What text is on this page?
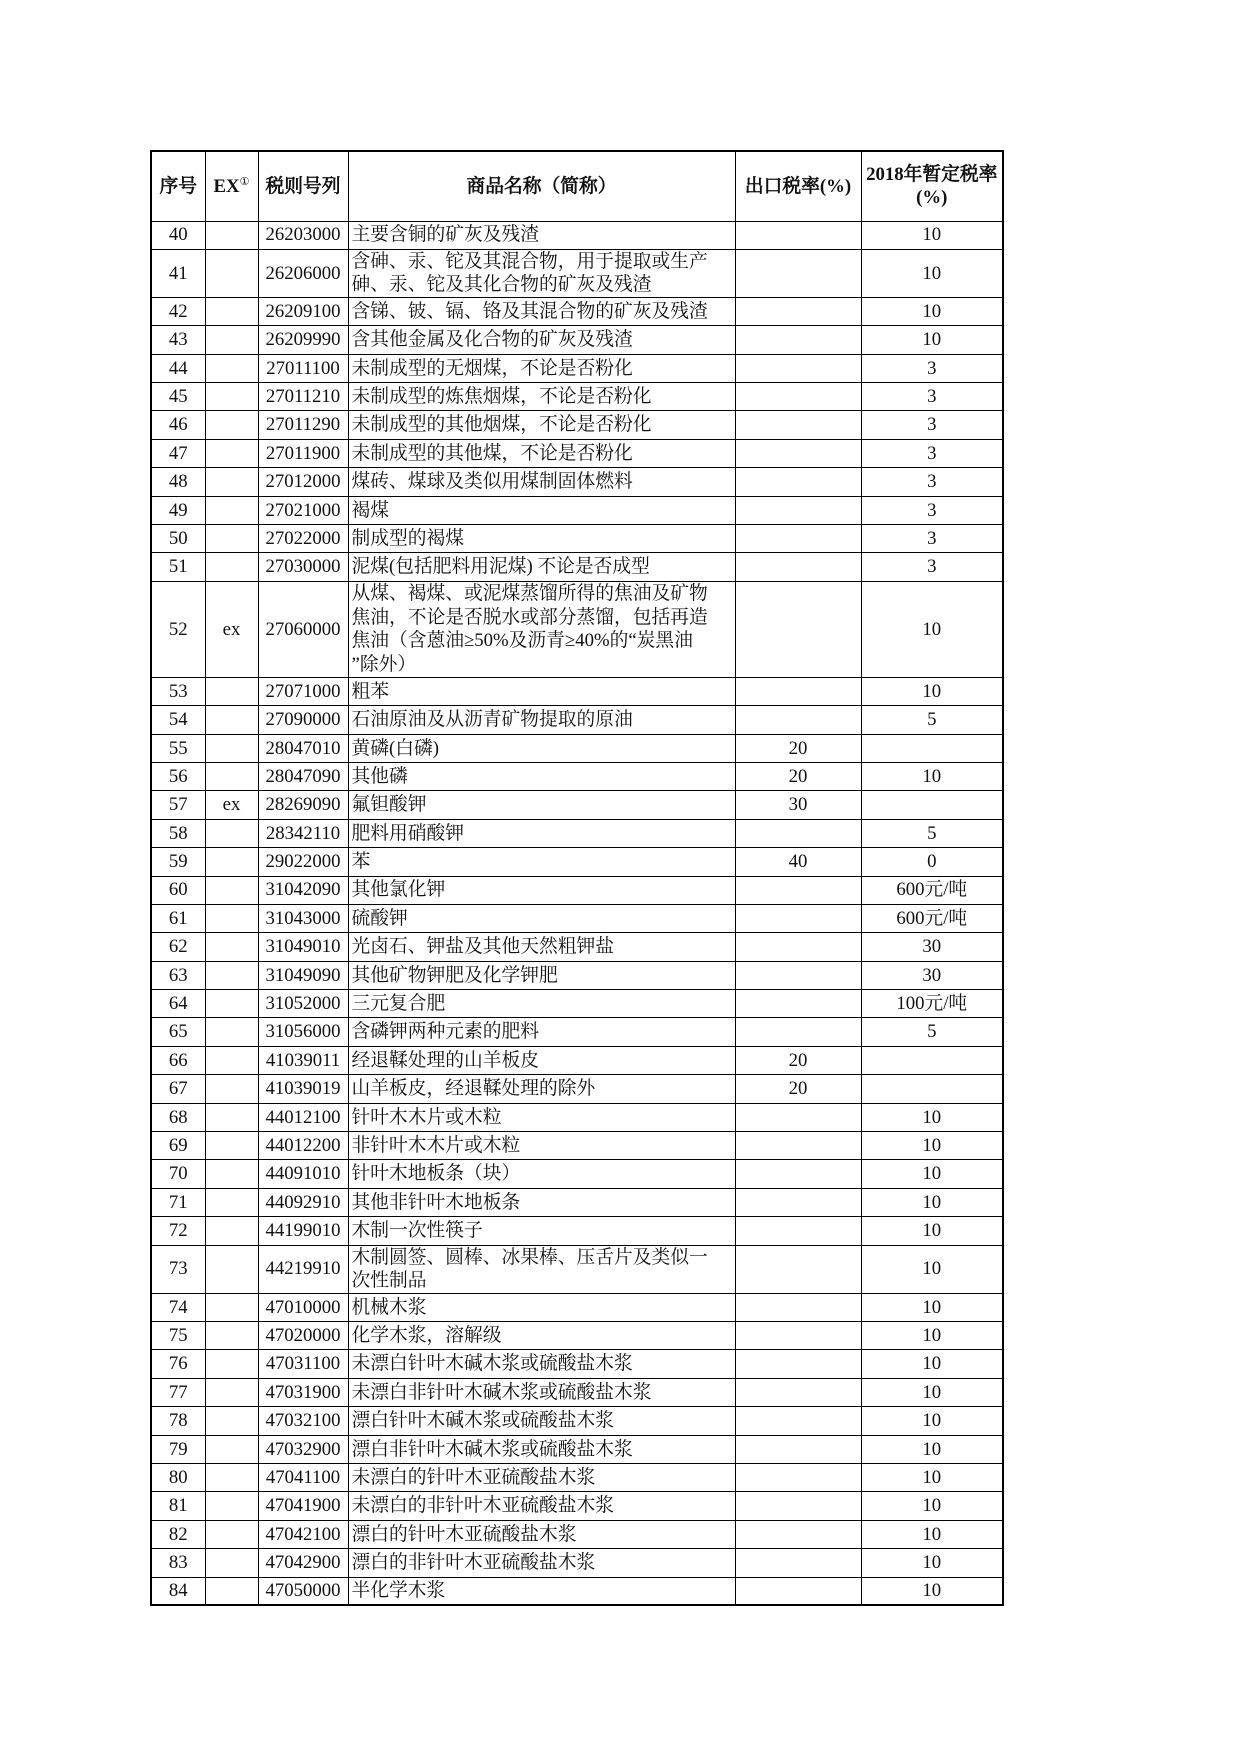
序号	EX①	税则号列	商品名称（简称）	出口税率(%)	2018年暂定税率
(%)

40		26203000	主要含铜的矿灰及残渣		10
41		26206000	含砷、汞、铊及其混合物，用于提取或生产
砷、汞、铊及其化合物的矿灰及残渣		10
42		26209100	含锑、铍、镉、铬及其混合物的矿灰及残渣		10
43		26209990	含其他金属及化合物的矿灰及残渣		10
44		27011100	未制成型的无烟煤，不论是否粉化		3
45		27011210	未制成型的炼焦烟煤，不论是否粉化		3
46		27011290	未制成型的其他烟煤，不论是否粉化		3
47		27011900	未制成型的其他煤，不论是否粉化		3
48		27012000	煤砖、煤球及类似用煤制固体燃料		3
49		27021000	褐煤		3
50		27022000	制成型的褐煤		3
51		27030000	泥煤(包括肥料用泥煤) 不论是否成型		3
52	ex	27060000	从煤、褐煤、或泥煤蒸馏所得的焦油及矿物
焦油，不论是否脱水或部分蒸馏，包括再造
焦油（含蒽油≥50%及沥青≥40%的“炭黑油
”除外）		10
53		27071000	粗苯		10
54		27090000	石油原油及从沥青矿物提取的原油		5
55		28047010	黄磷(白磷)	20	
56		28047090	其他磷	20	10
57	ex	28269090	氟钽酸钾	30	
58		28342110	肥料用硝酸钾		5
59		29022000	苯	40	0
60		31042090	其他氯化钾		600元/吨
61		31043000	硫酸钾		600元/吨
62		31049010	光卤石、钾盐及其他天然粗钾盐		30
63		31049090	其他矿物钾肥及化学钾肥		30
64		31052000	三元复合肥		100元/吨
65		31056000	含磷钾两种元素的肥料		5
66		41039011	经退鞣处理的山羊板皮	20	
67		41039019	山羊板皮，经退鞣处理的除外	20	
68		44012100	针叶木木片或木粒		10
69		44012200	非针叶木木片或木粒		10
70		44091010	针叶木地板条（块）		10
71		44092910	其他非针叶木地板条		10
72		44199010	木制一次性筷子		10
73		44219910	木制圆签、圆棒、冰果棒、压舌片及类似一
次性制品		10
74		47010000	机械木浆		10
75		47020000	化学木浆，溶解级		10
76		47031100	未漂白针叶木碱木浆或硫酸盐木浆		10
77		47031900	未漂白非针叶木碱木浆或硫酸盐木浆		10
78		47032100	漂白针叶木碱木浆或硫酸盐木浆		10
79		47032900	漂白非针叶木碱木浆或硫酸盐木浆		10
80		47041100	未漂白的针叶木亚硫酸盐木浆		10
81		47041900	未漂白的非针叶木亚硫酸盐木浆		10
82		47042100	漂白的针叶木亚硫酸盐木浆		10
83		47042900	漂白的非针叶木亚硫酸盐木浆		10
84		47050000	半化学木浆		10
